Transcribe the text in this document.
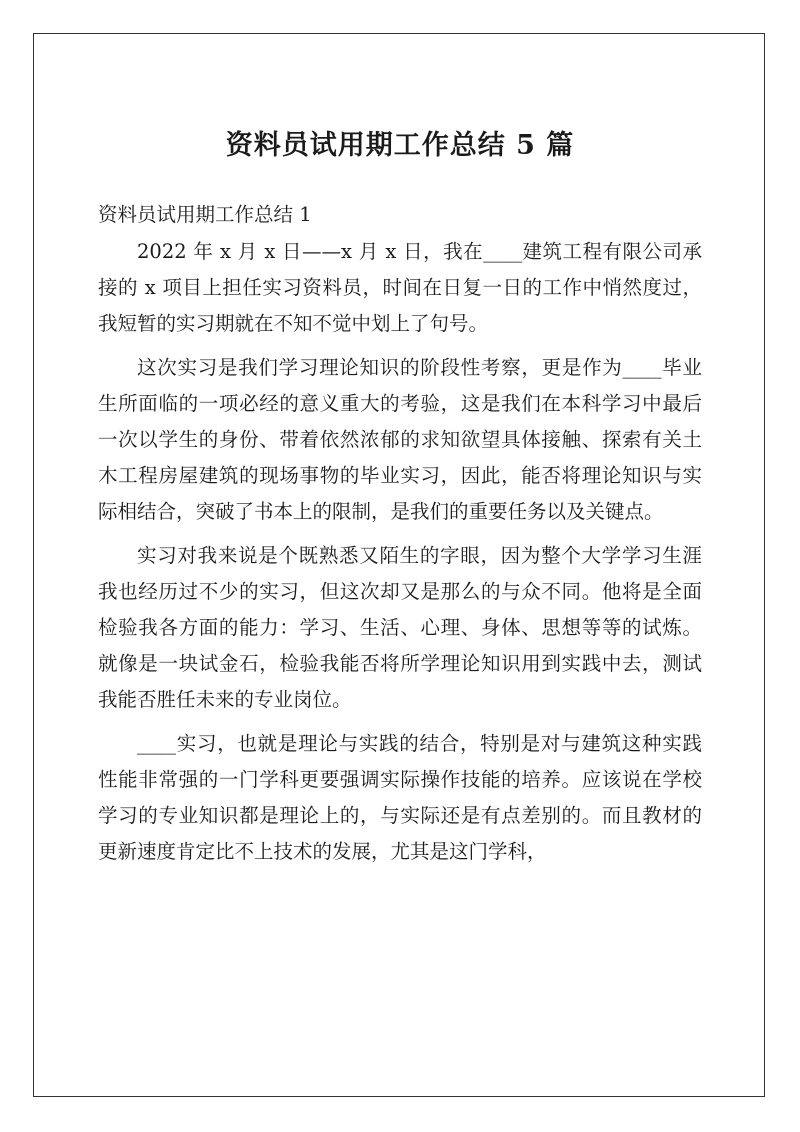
资料员试用期工作总结 5 篇

资料员试用期工作总结 1

2022 年 x 月 x 日——x 月 x 日，我在____建筑工程有限公司承接的 x 项目上担任实习资料员，时间在日复一日的工作中悄然度过，我短暂的实习期就在不知不觉中划上了句号。

这次实习是我们学习理论知识的阶段性考察，更是作为____毕业生所面临的一项必经的意义重大的考验，这是我们在本科学习中最后一次以学生的身份、带着依然浓郁的求知欲望具体接触、探索有关土木工程房屋建筑的现场事物的毕业实习，因此，能否将理论知识与实际相结合，突破了书本上的限制，是我们的重要任务以及关键点。

实习对我来说是个既熟悉又陌生的字眼，因为整个大学学习生涯我也经历过不少的实习，但这次却又是那么的与众不同。他将是全面检验我各方面的能力：学习、生活、心理、身体、思想等等的试炼。就像是一块试金石，检验我能否将所学理论知识用到实践中去，测试我能否胜任未来的专业岗位。

____实习，也就是理论与实践的结合，特别是对与建筑这种实践性能非常强的一门学科更要强调实际操作技能的培养。应该说在学校学习的专业知识都是理论上的，与实际还是有点差别的。而且教材的更新速度肯定比不上技术的发展，尤其是这门学科，
